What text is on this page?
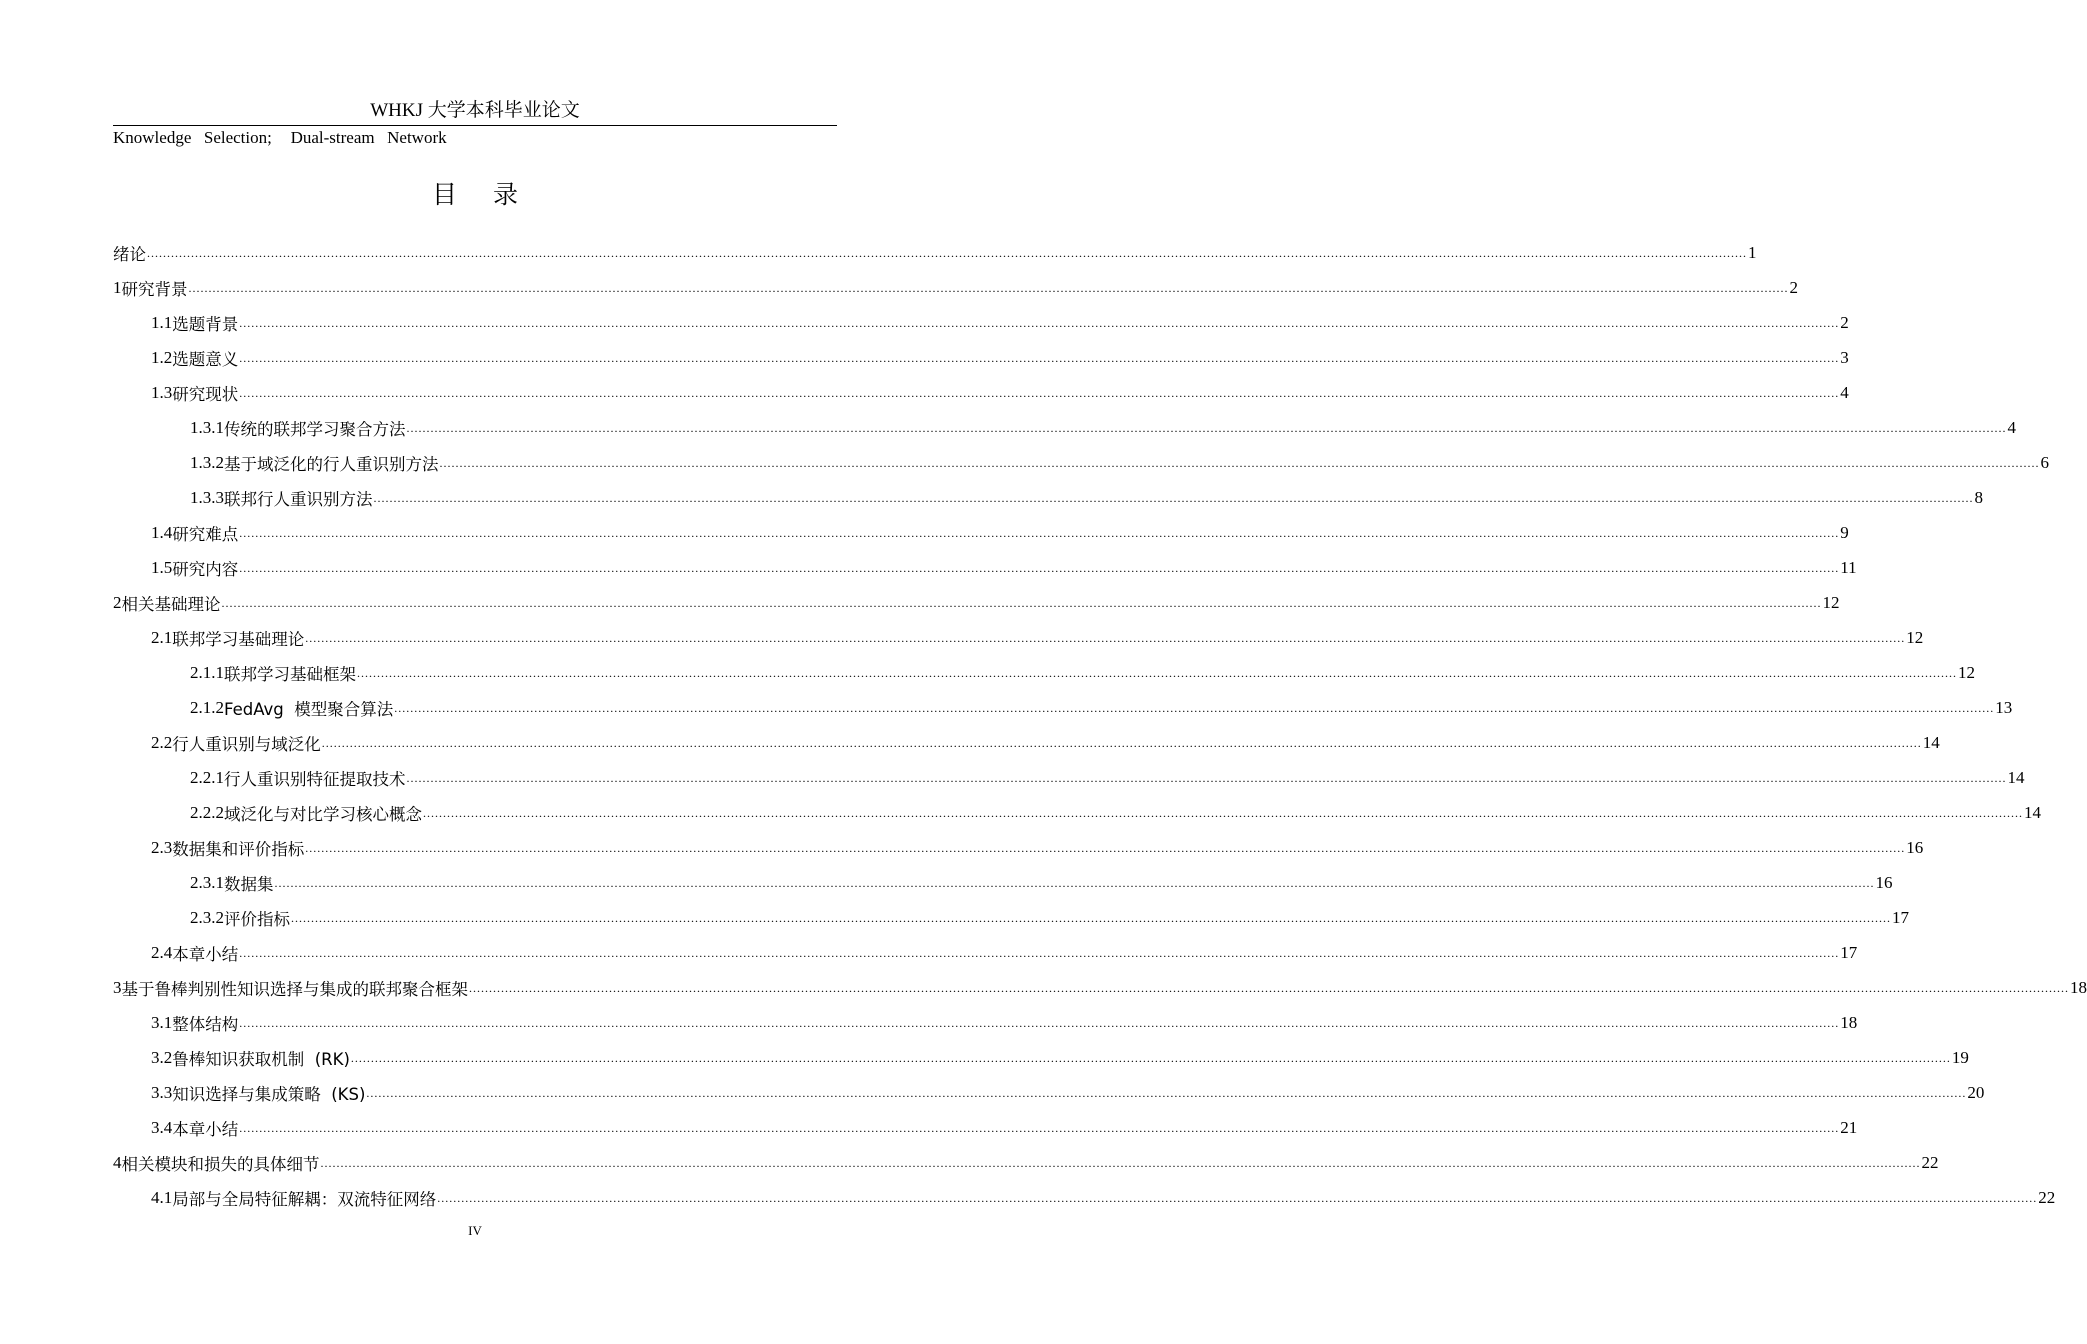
WHKJ 大学本科毕业论文
Knowledge  Selection;   Dual-stream  Network
目 录
绪论 ................................................................................................................................................................................................................................................................................................................................................................................................................ 1
1 研究背景 ................................................................................................................................................................................................................................................................................................................................................................................................................ 2
1.1 选题背景 ................................................................................................................................................................................................................................................................................................................................................................................................................ 2
1.2 选题意义 ................................................................................................................................................................................................................................................................................................................................................................................................................ 3
1.3 研究现状 ................................................................................................................................................................................................................................................................................................................................................................................................................ 4
1.3.1 传统的联邦学习聚合方法 ................................................................................................................................................................................................................................................................................................................................................................................................................ 4
1.3.2 基于域泛化的行人重识别方法 ................................................................................................................................................................................................................................................................................................................................................................................................................ 6
1.3.3 联邦行人重识别方法 ................................................................................................................................................................................................................................................................................................................................................................................................................ 8
1.4 研究难点 ................................................................................................................................................................................................................................................................................................................................................................................................................ 9
1.5 研究内容 ................................................................................................................................................................................................................................................................................................................................................................................................................ 11
2 相关基础理论 ................................................................................................................................................................................................................................................................................................................................................................................................................ 12
2.1 联邦学习基础理论 ................................................................................................................................................................................................................................................................................................................................................................................................................ 12
2.1.1 联邦学习基础框架 ................................................................................................................................................................................................................................................................................................................................................................................................................ 12
2.1.2 FedAvg  模型聚合算法 ................................................................................................................................................................................................................................................................................................................................................................................................................ 13
2.2 行人重识别与域泛化 ................................................................................................................................................................................................................................................................................................................................................................................................................ 14
2.2.1 行人重识别特征提取技术 ................................................................................................................................................................................................................................................................................................................................................................................................................ 14
2.2.2 域泛化与对比学习核心概念 ................................................................................................................................................................................................................................................................................................................................................................................................................ 14
2.3 数据集和评价指标 ................................................................................................................................................................................................................................................................................................................................................................................................................ 16
2.3.1 数据集 ................................................................................................................................................................................................................................................................................................................................................................................................................ 16
2.3.2 评价指标 ................................................................................................................................................................................................................................................................................................................................................................................................................ 17
2.4 本章小结 ................................................................................................................................................................................................................................................................................................................................................................................................................ 17
3 基于鲁棒判别性知识选择与集成的联邦聚合框架 ................................................................................................................................................................................................................................................................................................................................................................................................................ 18
3.1 整体结构 ................................................................................................................................................................................................................................................................................................................................................................................................................ 18
3.2 鲁棒知识获取机制  (RK) ................................................................................................................................................................................................................................................................................................................................................................................................................ 19
3.3 知识选择与集成策略  (KS) ................................................................................................................................................................................................................................................................................................................................................................................................................ 20
3.4 本章小结 ................................................................................................................................................................................................................................................................................................................................................................................................................ 21
4 相关模块和损失的具体细节 ................................................................................................................................................................................................................................................................................................................................................................................................................ 22
4.1 局部与全局特征解耦：双流特征网络 ................................................................................................................................................................................................................................................................................................................................................................................................................ 22
IV
